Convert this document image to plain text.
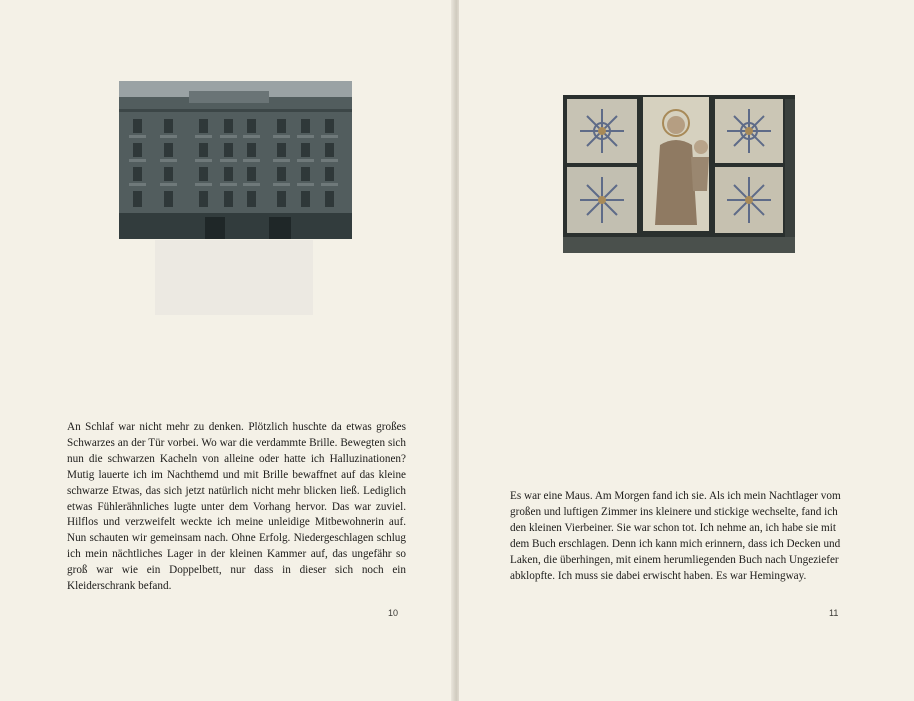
An Schlaf war nicht mehr zu denken. Plötzlich huschte da etwas großes Schwarzes an der Tür vorbei. Wo war die verdammte Brille. Bewegten sich nun die schwarzen Kacheln von alleine oder hatte ich Halluzinationen? Mutig lauerte ich im Nachthemd und mit Brille bewaffnet auf das kleine schwarze Etwas, das sich jetzt natürlich nicht mehr blicken ließ. Lediglich etwas Fühlerähnliches lugte unter dem Vorhang hervor. Das war zuviel. Hilflos und verzweifelt weckte ich meine unleidige Mitbewohnerin auf. Nun schauten wir gemeinsam nach. Ohne Erfolg. Niedergeschlagen schlug ich mein nächtliches Lager in der kleinen Kammer auf, das ungefähr so groß war wie ein Doppelbett, nur dass in dieser sich noch ein Kleiderschrank befand.

10

Es war eine Maus. Am Morgen fand ich sie. Als ich mein Nachtlager vom großen und luftigen Zimmer ins kleinere und stickige wechselte, fand ich den kleinen Vierbeiner. Sie war schon tot. Ich nehme an, ich habe sie mit dem Buch erschlagen. Denn ich kann mich erinnern, dass ich Decken und Laken, die überhingen, mit einem herumliegenden Buch nach Ungeziefer abklopfte. Ich muss sie dabei erwischt haben. Es war Hemingway.

11
